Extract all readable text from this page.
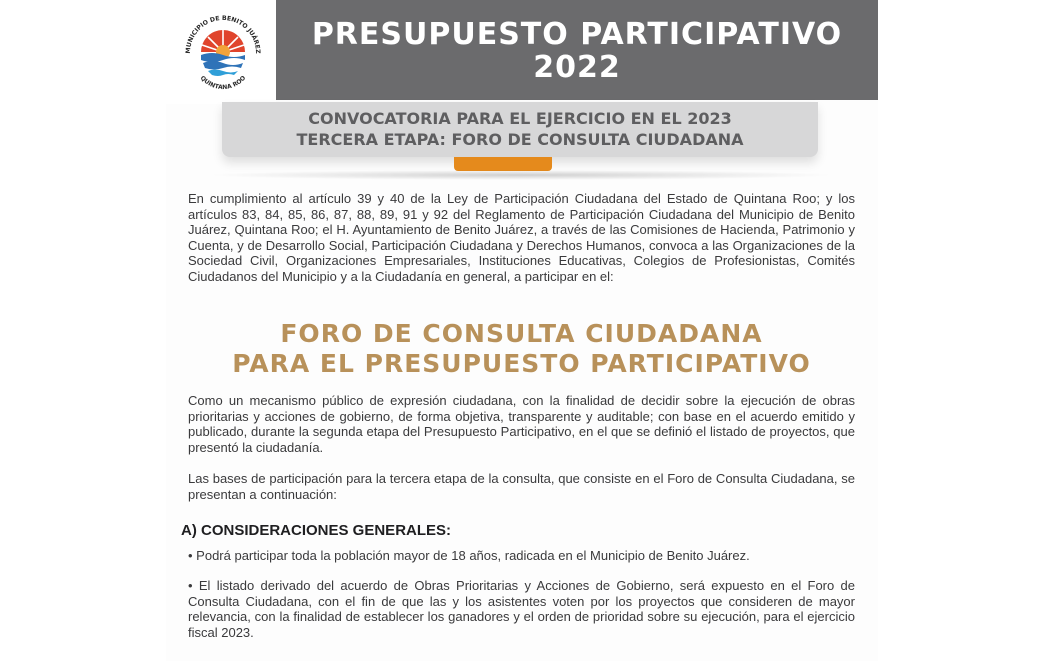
MUNICIPIO DE BENITO JUÁREZ
QUINTANA ROO
PRESUPUESTO PARTICIPATIVO
2022
CONVOCATORIA PARA EL EJERCICIO EN EL 2023
TERCERA ETAPA: FORO DE CONSULTA CIUDADANA
En cumplimiento al artículo 39 y 40 de la Ley de Participación Ciudadana del Estado de Quintana Roo; y los artículos 83, 84, 85, 86, 87, 88, 89, 91 y 92 del Reglamento de Participación Ciudadana del Municipio de Benito Juárez, Quintana Roo; el H. Ayuntamiento de Benito Juárez, a través de las Comisiones de Hacienda, Patrimonio y Cuenta, y de Desarrollo Social, Participación Ciudadana y Derechos Humanos, convoca a las Organizaciones de la Sociedad Civil, Organizaciones Empresariales, Instituciones Educativas, Colegios de Profesionistas, Comités Ciudadanos del Municipio y a la Ciudadanía en general, a participar en el:
FORO DE CONSULTA CIUDADANA
PARA EL PRESUPUESTO PARTICIPATIVO
Como un mecanismo público de expresión ciudadana, con la finalidad de decidir sobre la ejecución de obras prioritarias y acciones de gobierno, de forma objetiva, transparente y auditable; con base en el acuerdo emitido y publicado, durante la segunda etapa del Presupuesto Participativo, en el que se definió el listado de proyectos, que presentó la ciudadanía.
Las bases de participación para la tercera etapa de la consulta, que consiste en el Foro de Consulta Ciudadana, se presentan a continuación:
A) CONSIDERACIONES GENERALES:
• Podrá participar toda la población mayor de 18 años, radicada en el Municipio de Benito Juárez.
• El listado derivado del acuerdo de Obras Prioritarias y Acciones de Gobierno, será expuesto en el Foro de Consulta Ciudadana, con el fin de que las y los asistentes voten por los proyectos que consideren de mayor relevancia, con la finalidad de establecer los ganadores y el orden de prioridad sobre su ejecución, para el ejercicio fiscal 2023.
